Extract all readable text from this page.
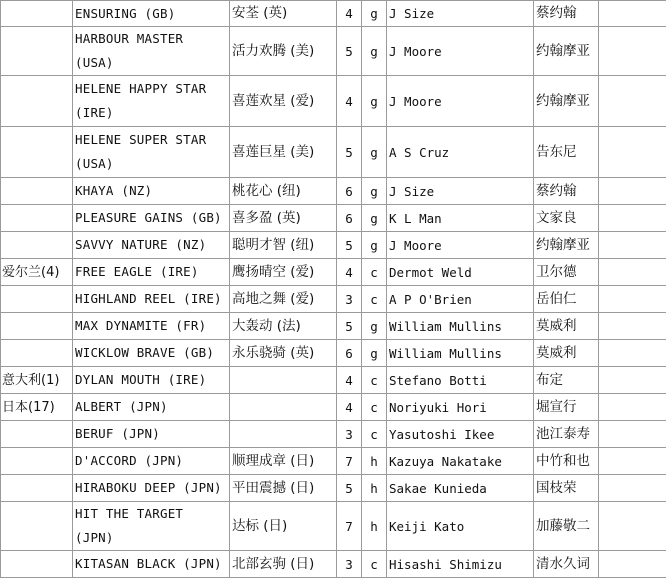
	ENSURING (GB)	安荃 (英)	4	g	J Size	蔡约翰	
	HARBOUR MASTER (USA)	活力欢腾 (美)	5	g	J Moore	约翰摩亚	
	HELENE HAPPY STAR (IRE)	喜莲欢星 (爱)	4	g	J Moore	约翰摩亚	
	HELENE SUPER STAR (USA)	喜莲巨星 (美)	5	g	A S Cruz	告东尼	
	KHAYA (NZ)	桃花心 (纽)	6	g	J Size	蔡约翰	
	PLEASURE GAINS (GB)	喜多盈 (英)	6	g	K L Man	文家良	
	SAVVY NATURE (NZ)	聪明才智 (纽)	5	g	J Moore	约翰摩亚	
爱尔兰(4)	FREE EAGLE (IRE)	鹰扬晴空 (爱)	4	c	Dermot Weld	卫尔德	
	HIGHLAND REEL (IRE)	高地之舞 (爱)	3	c	A P O'Brien	岳伯仁	
	MAX DYNAMITE (FR)	大轰动 (法)	5	g	William Mullins	莫威利	
	WICKLOW BRAVE (GB)	永乐骁骑 (英)	6	g	William Mullins	莫威利	
意大利(1)	DYLAN MOUTH (IRE)		4	c	Stefano Botti	布定	
日本(17)	ALBERT (JPN)		4	c	Noriyuki Hori	堀宣行	
	BERUF (JPN)		3	c	Yasutoshi Ikee	池江泰寿	
	D'ACCORD (JPN)	顺理成章 (日)	7	h	Kazuya Nakatake	中竹和也	
	HIRABOKU DEEP (JPN)	平田震撼 (日)	5	h	Sakae Kunieda	国枝荣	
	HIT THE TARGET (JPN)	达标 (日)	7	h	Keiji Kato	加藤敬二	
	KITASAN BLACK (JPN)	北部玄驹 (日)	3	c	Hisashi Shimizu	清水久词	
